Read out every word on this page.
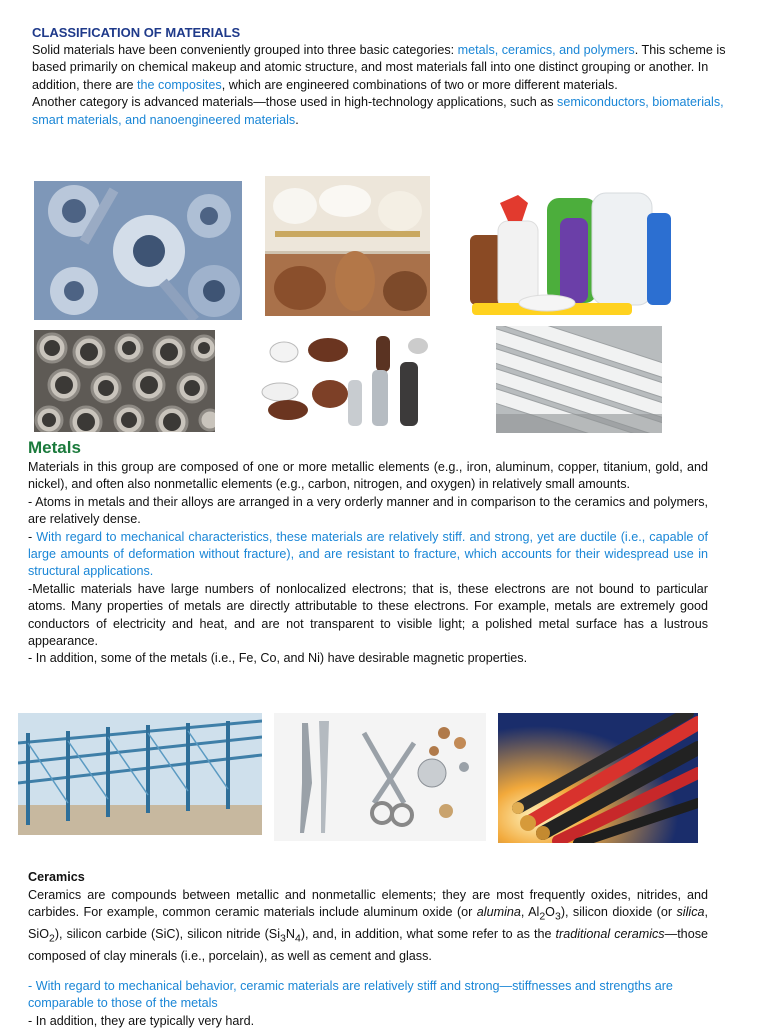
CLASSIFICATION OF MATERIALS

Solid materials have been conveniently grouped into three basic categories: metals, ceramics, and polymers. This scheme is based primarily on chemical makeup and atomic structure, and most materials fall into one distinct grouping or another. In addition, there are the composites, which are engineered combinations of two or more different materials.

Another category is advanced materials—those used in high-technology applications, such as semiconductors, biomaterials, smart materials, and nanoengineered materials.

Metals

Materials in this group are composed of one or more metallic elements (e.g., iron, aluminum, copper, titanium, gold, and nickel), and often also nonmetallic elements (e.g., carbon, nitrogen, and oxygen) in relatively small amounts.

- Atoms in metals and their alloys are arranged in a very orderly manner and in comparison to the ceramics and polymers, are relatively dense.

- With regard to mechanical characteristics, these materials are relatively stiff. and strong, yet are ductile (i.e., capable of large amounts of deformation without fracture), and are resistant to fracture, which accounts for their widespread use in structural applications.

-Metallic materials have large numbers of nonlocalized electrons; that is, these electrons are not bound to particular atoms. Many properties of metals are directly attributable to these electrons. For example, metals are extremely good conductors of electricity and heat, and are not transparent to visible light; a polished metal surface has a lustrous appearance.

- In addition, some of the metals (i.e., Fe, Co, and Ni) have desirable magnetic properties.

Ceramics

Ceramics are compounds between metallic and nonmetallic elements; they are most frequently oxides, nitrides, and carbides. For example, common ceramic materials include aluminum oxide (or alumina, $Al_2O_3$), silicon dioxide (or silica, SiO$_2$), silicon carbide (SiC), silicon nitride $(Si_3N_4)$, and, in addition, what some refer to as the traditional ceramics—those composed of clay minerals (i.e., porcelain), as well as cement and glass.

- With regard to mechanical behavior, ceramic materials are relatively stiff and strong—stiffnesses and strengths are comparable to those of the metals

- In addition, they are typically very hard.
